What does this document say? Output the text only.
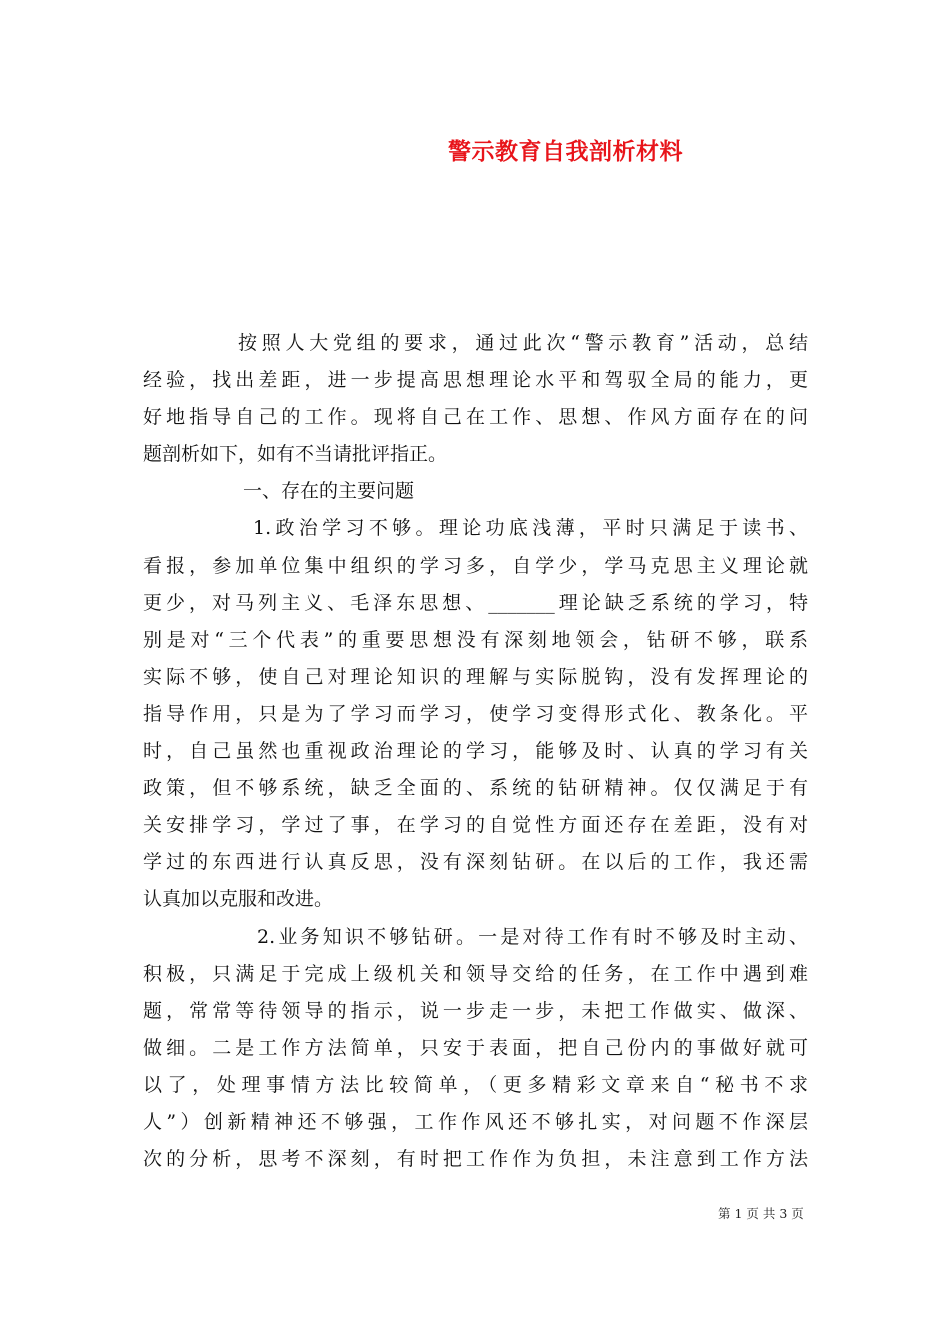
警示教育自我剖析材料
按照人大党组的要求，通过此次“警示教育”活动，总结
经验，找出差距，进一步提高思想理论水平和驾驭全局的能力，更
好地指导自己的工作。现将自己在工作、思想、作风方面存在的问
题剖析如下，如有不当请批评指正。
一、存在的主要问题
1.政治学习不够。理论功底浅薄，平时只满足于读书、
看报，参加单位集中组织的学习多，自学少，学马克思主义理论就
更少，对马列主义、毛泽东思想、_______理论缺乏系统的学习，特
别是对“三个代表”的重要思想没有深刻地领会，钻研不够，联系
实际不够，使自己对理论知识的理解与实际脱钩，没有发挥理论的
指导作用，只是为了学习而学习，使学习变得形式化、教条化。平
时，自己虽然也重视政治理论的学习，能够及时、认真的学习有关
政策，但不够系统，缺乏全面的、系统的钻研精神。仅仅满足于有
关安排学习，学过了事，在学习的自觉性方面还存在差距，没有对
学过的东西进行认真反思，没有深刻钻研。在以后的工作，我还需
认真加以克服和改进。
2.业务知识不够钻研。一是对待工作有时不够及时主动、
积极，只满足于完成上级机关和领导交给的任务，在工作中遇到难
题，常常等待领导的指示，说一步走一步，未把工作做实、做深、
做细。二是工作方法简单，只安于表面，把自己份内的事做好就可
以了，处理事情方法比较简单，（更多精彩文章来自“秘书不求
人”）创新精神还不够强，工作作风还不够扎实，对问题不作深层
次的分析，思考不深刻，有时把工作作为负担，未注意到工作方法
第 1 页 共 3 页
